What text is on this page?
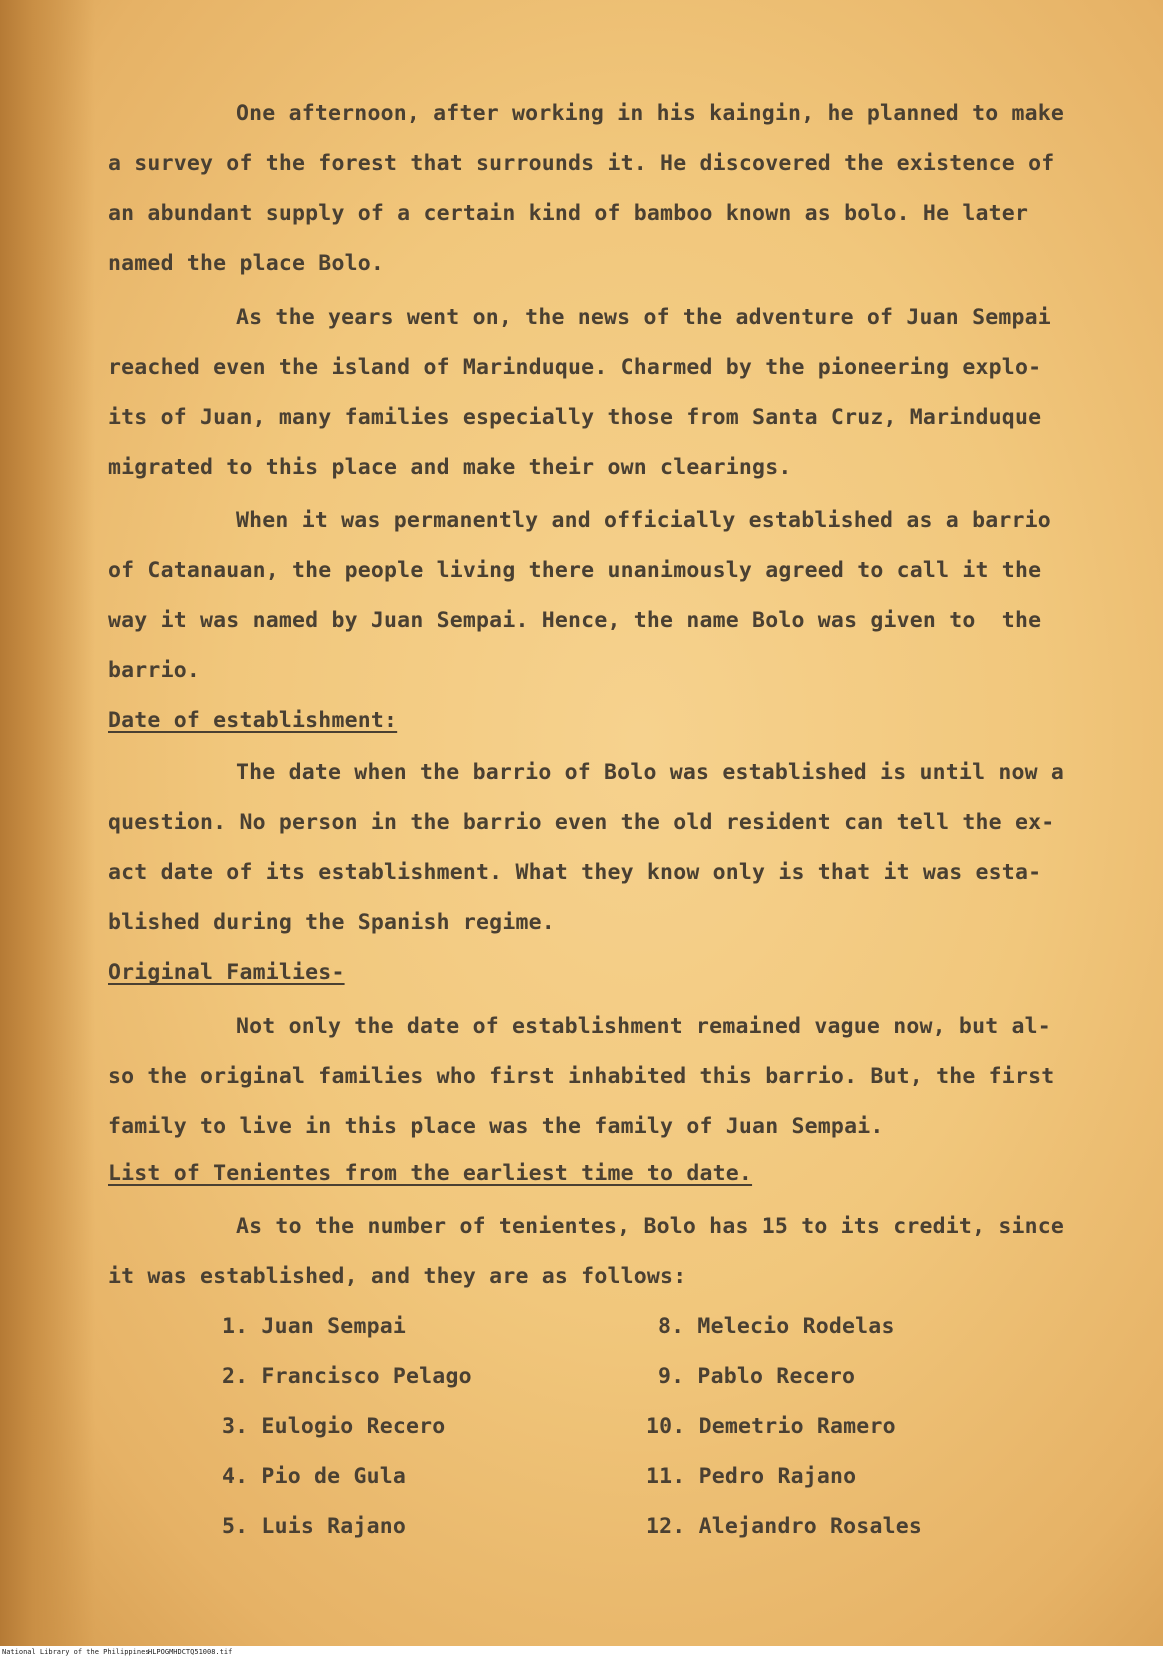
One afternoon, after working in his kaingin, he planned to make
a survey of the forest that surrounds it. He discovered the existence of
an abundant supply of a certain kind of bamboo known as bolo. He later
named the place Bolo.
As the years went on, the news of the adventure of Juan Sempai
reached even the island of Marinduque. Charmed by the pioneering explo-
its of Juan, many families especially those from Santa Cruz, Marinduque
migrated to this place and make their own clearings.
When it was permanently and officially established as a barrio
of Catanauan, the people living there unanimously agreed to call it the
way it was named by Juan Sempai. Hence, the name Bolo was given to  the
barrio.
Date of establishment:
The date when the barrio of Bolo was established is until now a
question. No person in the barrio even the old resident can tell the ex-
act date of its establishment. What they know only is that it was esta-
blished during the Spanish regime.
Original Families-
Not only the date of establishment remained vague now, but al-
so the original families who first inhabited this barrio. But, the first
family to live in this place was the family of Juan Sempai.
List of Tenientes from the earliest time to date.
As to the number of tenientes, Bolo has 15 to its credit, since
it was established, and they are as follows:
1. Juan Sempai
2. Francisco Pelago
3. Eulogio Recero
4. Pio de Gula
5. Luis Rajano
8. Melecio Rodelas
9. Pablo Recero
10. Demetrio Ramero
11. Pedro Rajano
12. Alejandro Rosales
National Library of the Philippines
HLPOGMHDCTQ51008.tif
